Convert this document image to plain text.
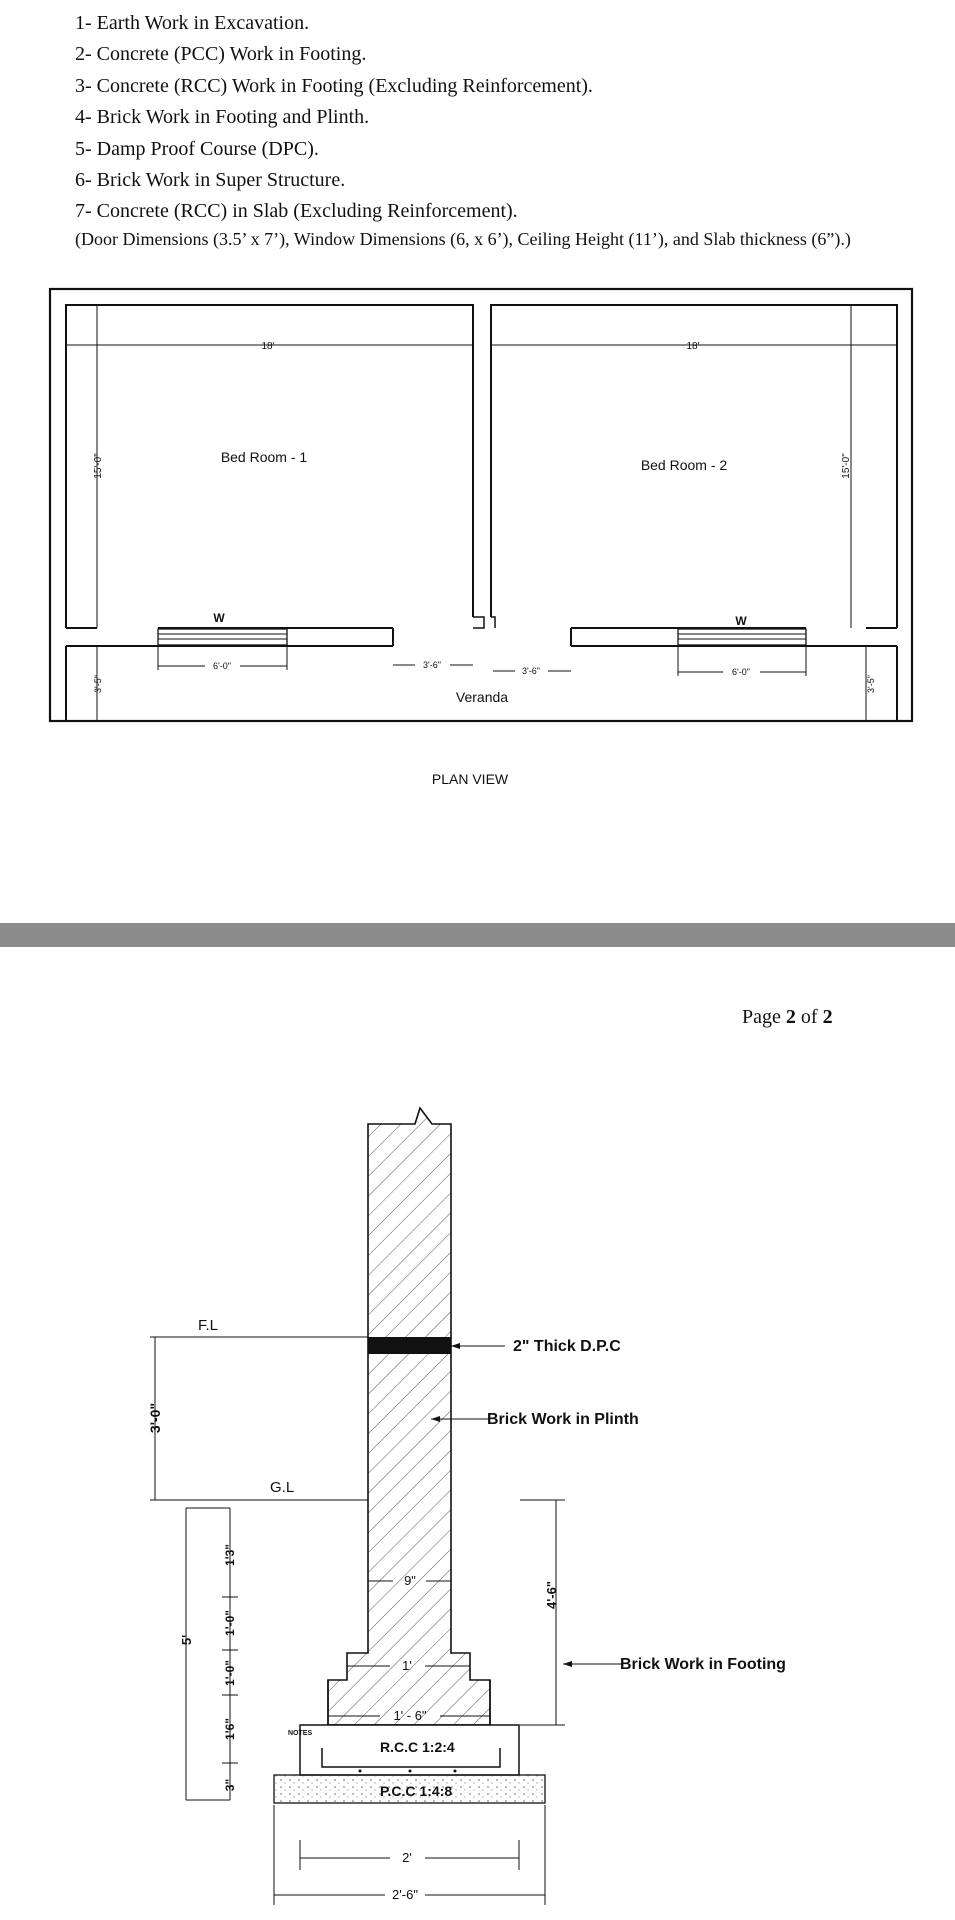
1- Earth Work in Excavation.
2- Concrete (PCC) Work in Footing.
3- Concrete (RCC) Work in Footing (Excluding Reinforcement).
4- Brick Work in Footing and Plinth.
5- Damp Proof Course (DPC).
6- Brick Work in Super Structure.
7- Concrete (RCC) in Slab (Excluding Reinforcement).
(Door Dimensions (3.5’ x 7’), Window Dimensions (6, x 6’), Ceiling Height (11’), and Slab thickness (6”).)
18'	18'
Bed Room - 1	Bed Room - 2
Veranda
PLAN VIEW
W	W
6'-0"
6'-0"
3'-6"
3'-6"
15'-0"	15'-0"
3'-5"	3'-5"
Page 2 of 2
F.L
G.L
2" Thick D.P.C
Brick Work in Plinth
Brick Work in Footing
R.C.C 1:2:4
P.C.C 1:4:8
9"
1'
1' - 6"
2'
2'-6"
NOTES
3'-0"
5'
4'-6"
1'3"
1'-0"
1'-0"
1'6"
3"
